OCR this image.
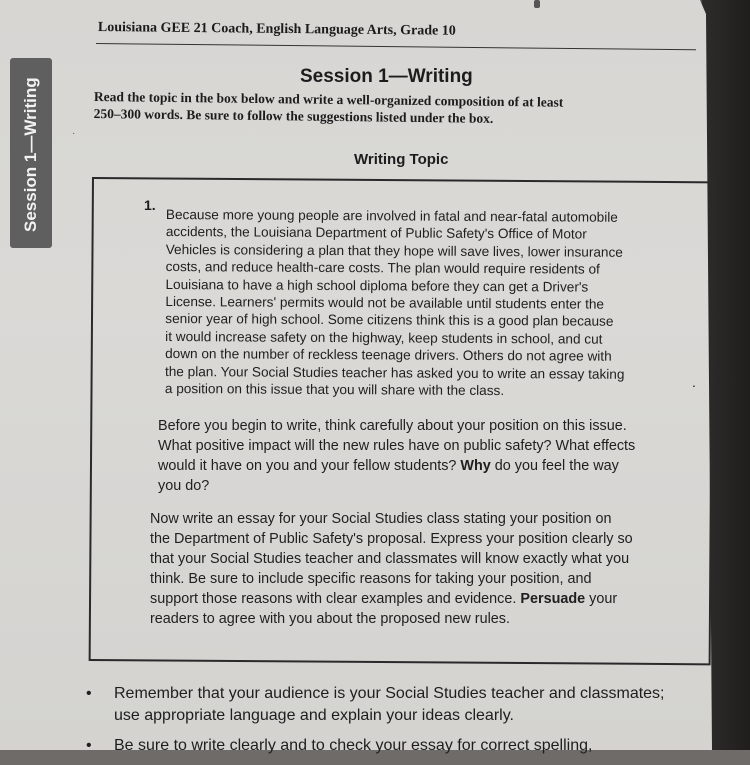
Louisiana GEE 21 Coach, English Language Arts, Grade 10
Session 1—Writing
Session 1—Writing
Read the topic in the box below and write a well-organized composition of at least
250–300 words. Be sure to follow the suggestions listed under the box.
·
Writing Topic
1.
Because more young people are involved in fatal and near-fatal automobile
accidents, the Louisiana Department of Public Safety's Office of Motor
Vehicles is considering a plan that they hope will save lives, lower insurance
costs, and reduce health-care costs. The plan would require residents of
Louisiana to have a high school diploma before they can get a Driver's
License. Learners' permits would not be available until students enter the
senior year of high school. Some citizens think this is a good plan because
it would increase safety on the highway, keep students in school, and cut
down on the number of reckless teenage drivers. Others do not agree with
the plan. Your Social Studies teacher has asked you to write an essay taking
a position on this issue that you will share with the class.	.
Before you begin to write, think carefully about your position on this issue.
What positive impact will the new rules have on public safety? What effects
would it have on you and your fellow students? Why do you feel the way
you do?
Now write an essay for your Social Studies class stating your position on
the Department of Public Safety's proposal. Express your position clearly so
that your Social Studies teacher and classmates will know exactly what you
think. Be sure to include specific reasons for taking your position, and
support those reasons with clear examples and evidence. Persuade your
readers to agree with you about the proposed new rules.
• Remember that your audience is your Social Studies teacher and classmates;
use appropriate language and explain your ideas clearly.
• Be sure to write clearly and to check your essay for correct spelling,
